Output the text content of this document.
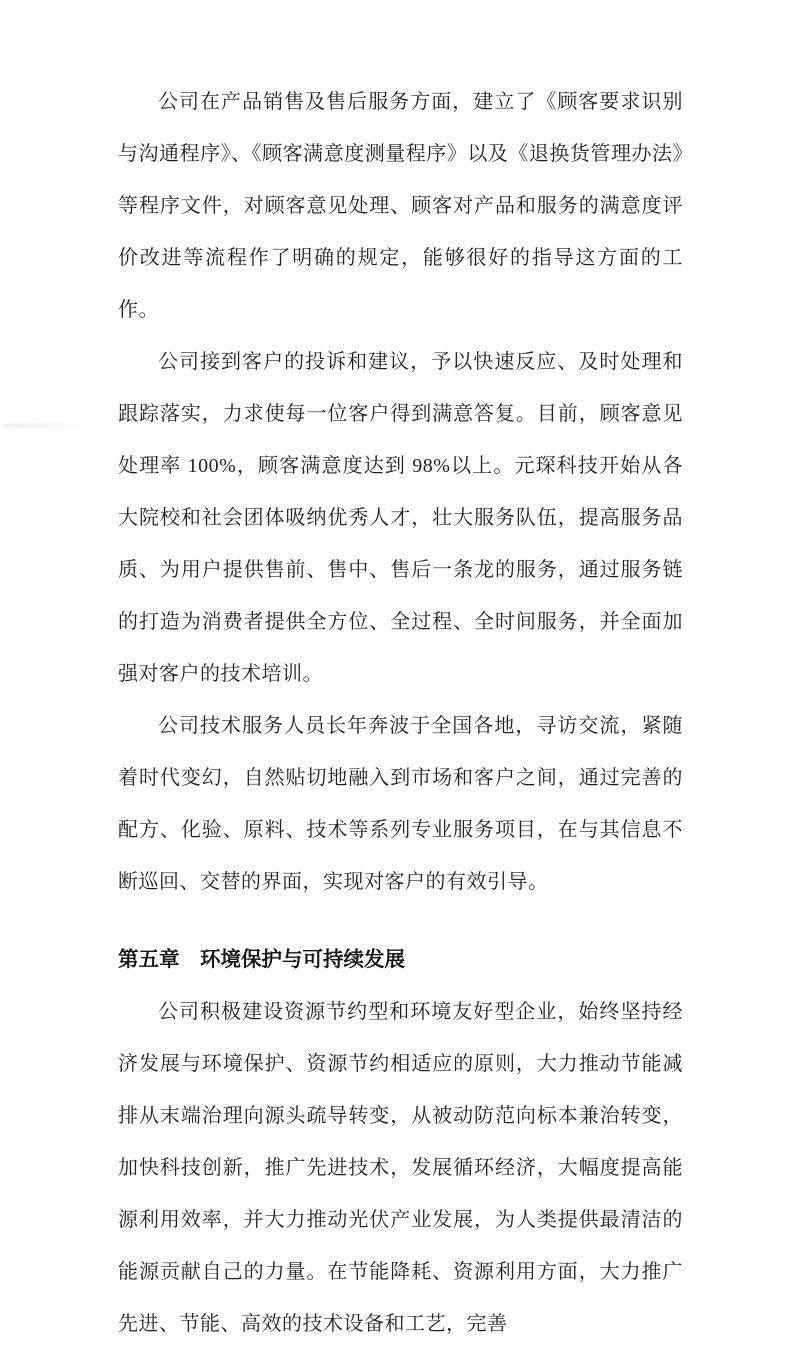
公司在产品销售及售后服务方面，建立了《顾客要求识别与沟通程序》、《顾客满意度测量程序》以及《退换货管理办法》等程序文件，对顾客意见处理、顾客对产品和服务的满意度评价改进等流程作了明确的规定，能够很好的指导这方面的工作。

公司接到客户的投诉和建议，予以快速反应、及时处理和跟踪落实，力求使每一位客户得到满意答复。目前，顾客意见处理率 100%，顾客满意度达到 98%以上。元琛科技开始从各大院校和社会团体吸纳优秀人才，壮大服务队伍，提高服务品质、为用户提供售前、售中、售后一条龙的服务，通过服务链的打造为消费者提供全方位、全过程、全时间服务，并全面加强对客户的技术培训。

公司技术服务人员长年奔波于全国各地，寻访交流，紧随着时代变幻，自然贴切地融入到市场和客户之间，通过完善的配方、化验、原料、技术等系列专业服务项目，在与其信息不断巡回、交替的界面，实现对客户的有效引导。

第五章　环境保护与可持续发展

公司积极建设资源节约型和环境友好型企业，始终坚持经济发展与环境保护、资源节约相适应的原则，大力推动节能减排从末端治理向源头疏导转变，从被动防范向标本兼治转变，加快科技创新，推广先进技术，发展循环经济，大幅度提高能源利用效率，并大力推动光伏产业发展，为人类提供最清洁的能源贡献自己的力量。在节能降耗、资源利用方面，大力推广先进、节能、高效的技术设备和工艺，完善
